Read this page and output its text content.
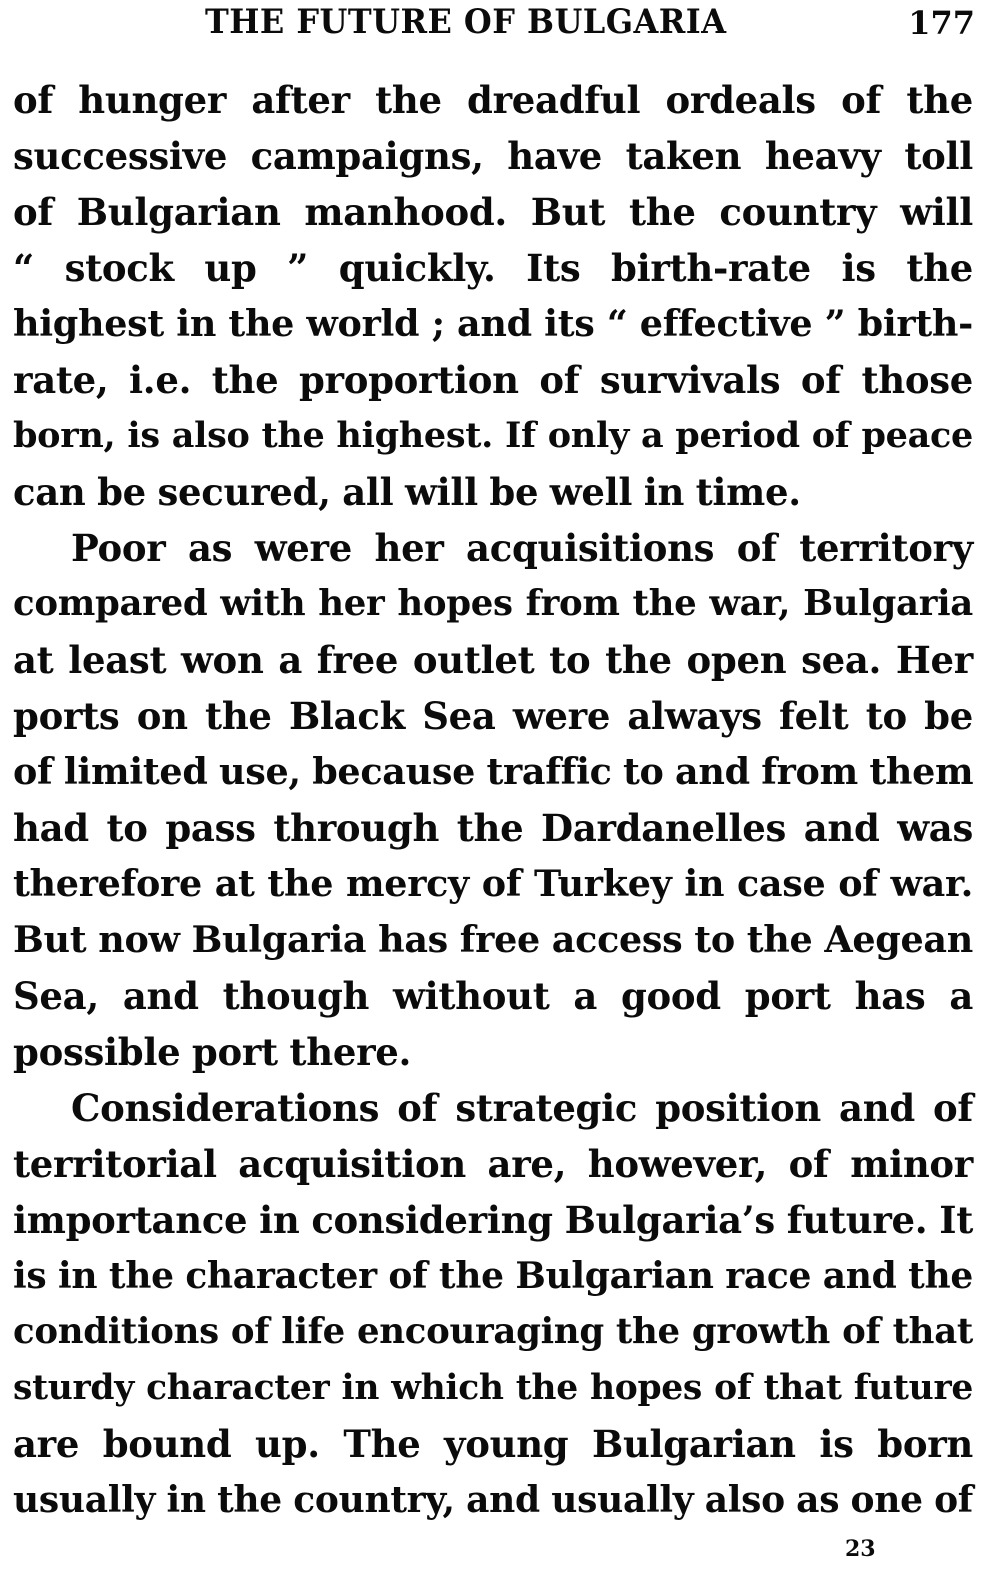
THE FUTURE OF BULGARIA	177
of hunger after the dreadful ordeals of the
successive campaigns, have taken heavy toll
of Bulgarian manhood. But the country will
“ stock up ” quickly. Its birth-rate is the
highest in the world ; and its “ effective ” birth-
rate, i.e. the proportion of survivals of those
born, is also the highest. If only a period of peace
can be secured, all will be well in time.
Poor as were her acquisitions of territory
compared with her hopes from the war, Bulgaria
at least won a free outlet to the open sea. Her
ports on the Black Sea were always felt to be
of limited use, because traffic to and from them
had to pass through the Dardanelles and was
therefore at the mercy of Turkey in case of war.
But now Bulgaria has free access to the Aegean
Sea, and though without a good port has a
possible port there.
Considerations of strategic position and of
territorial acquisition are, however, of minor
importance in considering Bulgaria’s future. It
is in the character of the Bulgarian race and the
conditions of life encouraging the growth of that
sturdy character in which the hopes of that future
are bound up. The young Bulgarian is born
usually in the country, and usually also as one of
23
